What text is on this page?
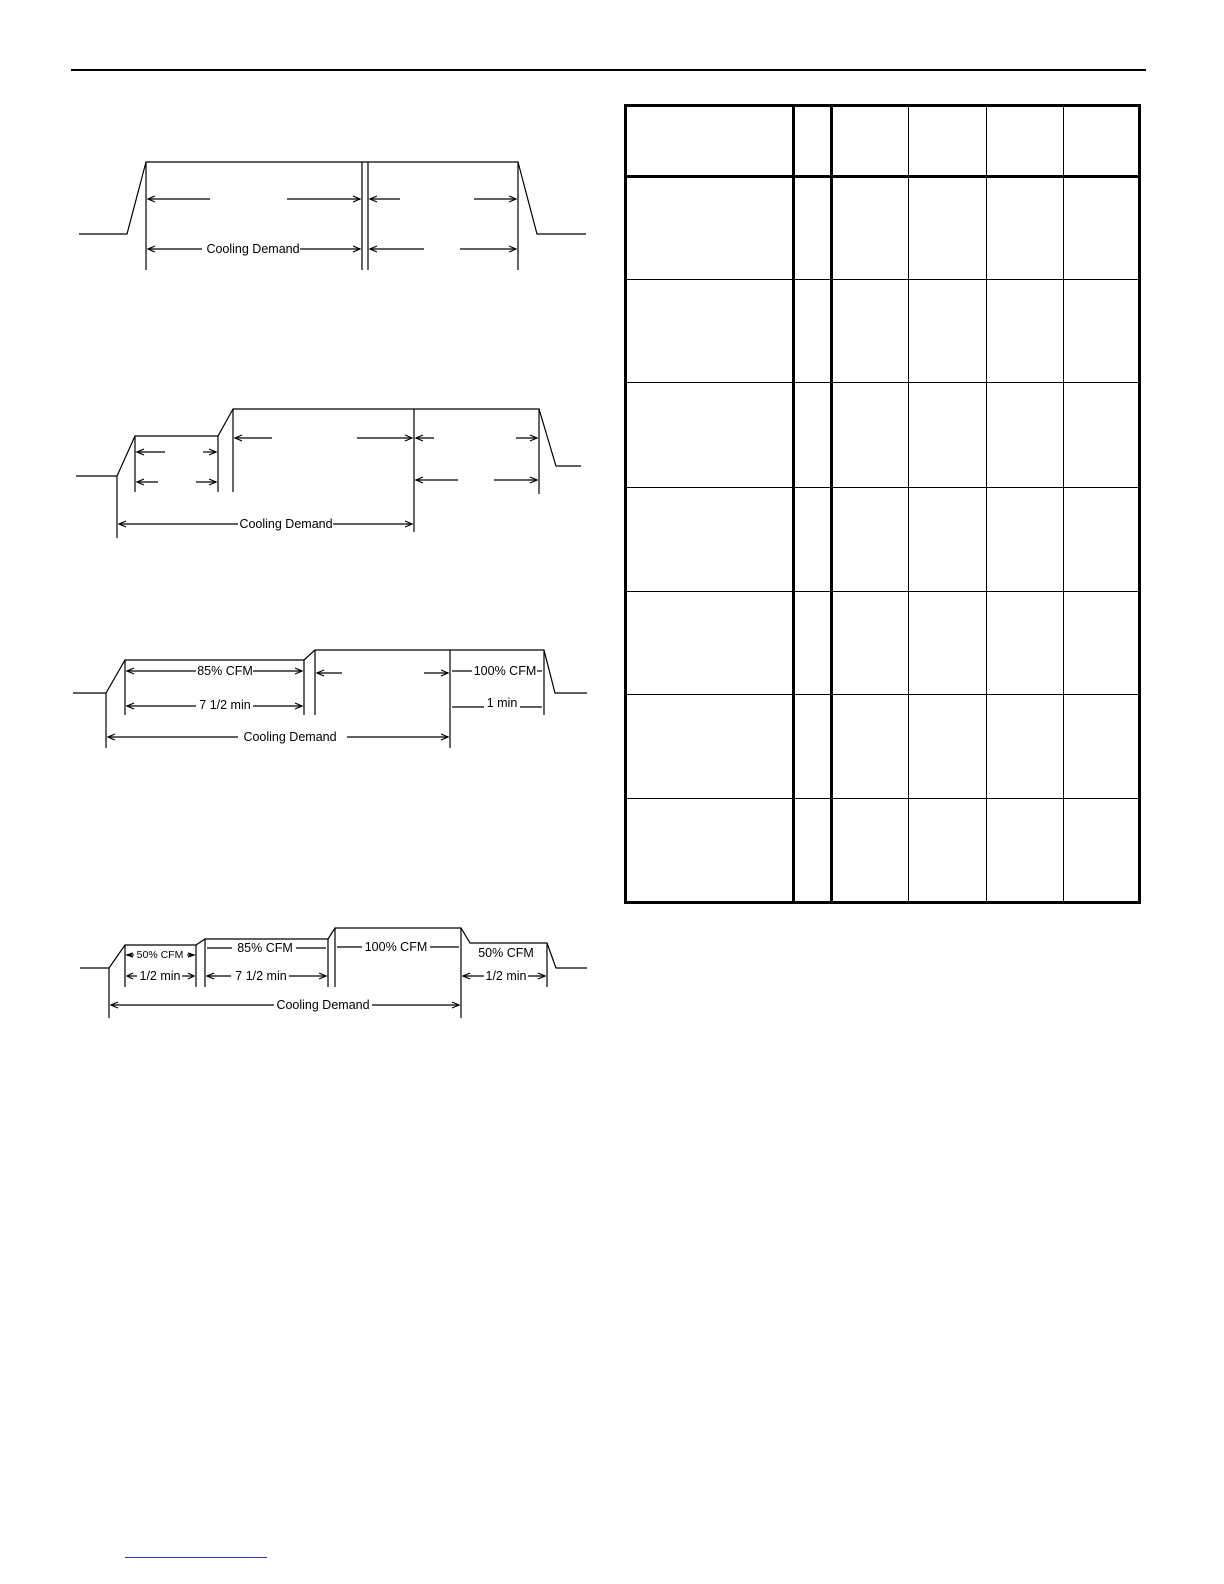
Cooling Demand
Cooling Demand
85% CFM
7 1/2 min
100% CFM
1 min
Cooling Demand
50% CFM
1/2 min
85% CFM
7 1/2 min
100% CFM	50% CFM
1/2 min
Cooling Demand
